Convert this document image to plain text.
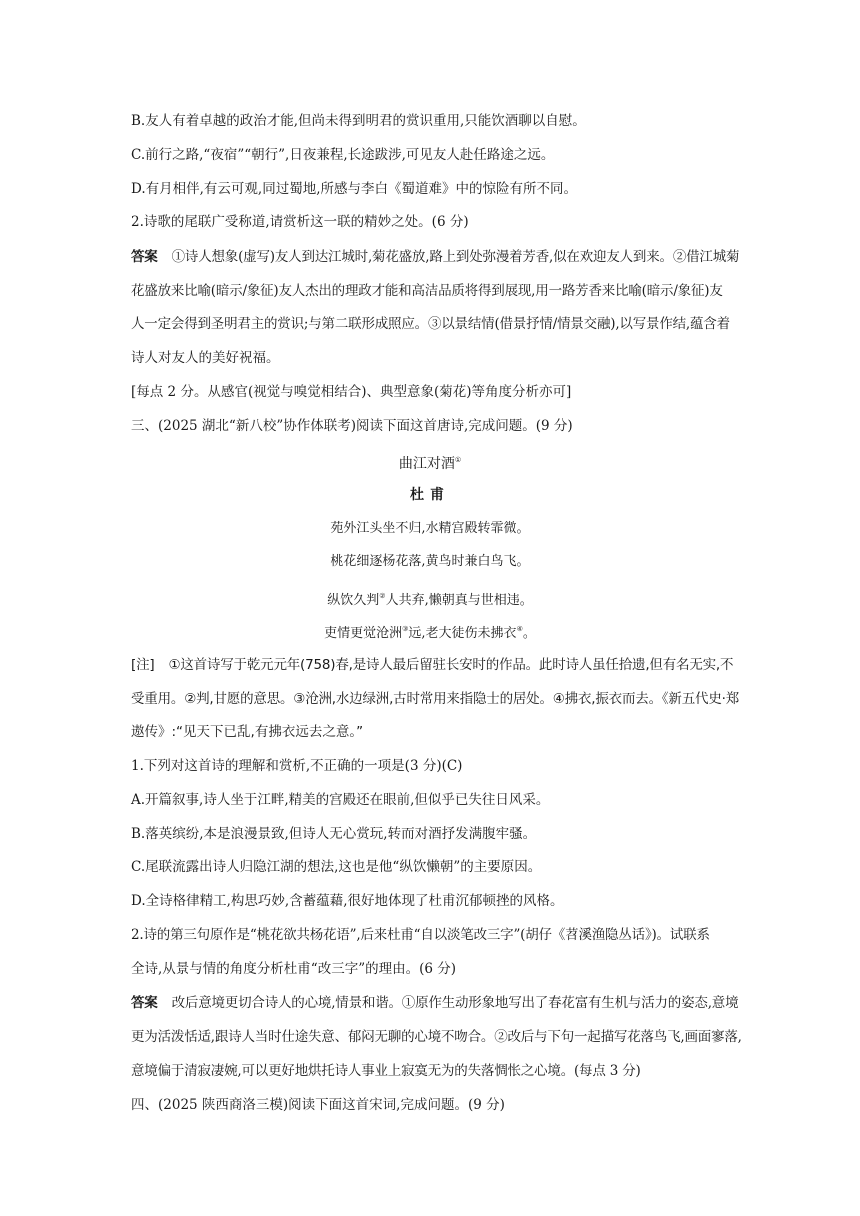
B.友人有着卓越的政治才能,但尚未得到明君的赏识重用,只能饮酒聊以自慰。
C.前行之路,“夜宿”“朝行”,日夜兼程,长途跋涉,可见友人赴任路途之远。
D.有月相伴,有云可观,同过蜀地,所感与李白《蜀道难》中的惊险有所不同。
2.诗歌的尾联广受称道,请赏析这一联的精妙之处。(6 分)
答案 ①诗人想象(虚写)友人到达江城时,菊花盛放,路上到处弥漫着芳香,似在欢迎友人到来。②借江城菊
花盛放来比喻(暗示/象征)友人杰出的理政才能和高洁品质将得到展现,用一路芳香来比喻(暗示/象征)友
人一定会得到圣明君主的赏识;与第二联形成照应。③以景结情(借景抒情/情景交融),以写景作结,蕴含着
诗人对友人的美好祝福。
[每点 2 分。从感官(视觉与嗅觉相结合)、典型意象(菊花)等角度分析亦可]
三、(2025 湖北“新八校”协作体联考)阅读下面这首唐诗,完成问题。(9 分)
曲江对酒①
杜甫
苑外江头坐不归,水精宫殿转霏微。
桃花细逐杨花落,黄鸟时兼白鸟飞。
纵饮久判②人共弃,懒朝真与世相违。
吏情更觉沧洲③远,老大徒伤未拂衣④。
[注] ①这首诗写于乾元元年(758)春,是诗人最后留驻长安时的作品。此时诗人虽任拾遗,但有名无实,不
受重用。②判,甘愿的意思。③沧洲,水边绿洲,古时常用来指隐士的居处。④拂衣,振衣而去。《新五代史·郑
遨传》:“见天下已乱,有拂衣远去之意。”
1.下列对这首诗的理解和赏析,不正确的一项是(3 分)(C)
A.开篇叙事,诗人坐于江畔,精美的宫殿还在眼前,但似乎已失往日风采。
B.落英缤纷,本是浪漫景致,但诗人无心赏玩,转而对酒抒发满腹牢骚。
C.尾联流露出诗人归隐江湖的想法,这也是他“纵饮懒朝”的主要原因。
D.全诗格律精工,构思巧妙,含蓄蕴藉,很好地体现了杜甫沉郁顿挫的风格。
2.诗的第三句原作是“桃花欲共杨花语”,后来杜甫“自以淡笔改三字”(胡仔《苕溪渔隐丛话》)。试联系
全诗,从景与情的角度分析杜甫“改三字”的理由。(6 分)
答案 改后意境更切合诗人的心境,情景和谐。①原作生动形象地写出了春花富有生机与活力的姿态,意境
更为活泼恬适,跟诗人当时仕途失意、郁闷无聊的心境不吻合。②改后与下句一起描写花落鸟飞,画面寥落,
意境偏于清寂凄婉,可以更好地烘托诗人事业上寂寞无为的失落惆怅之心境。(每点 3 分)
四、(2025 陕西商洛三模)阅读下面这首宋词,完成问题。(9 分)
